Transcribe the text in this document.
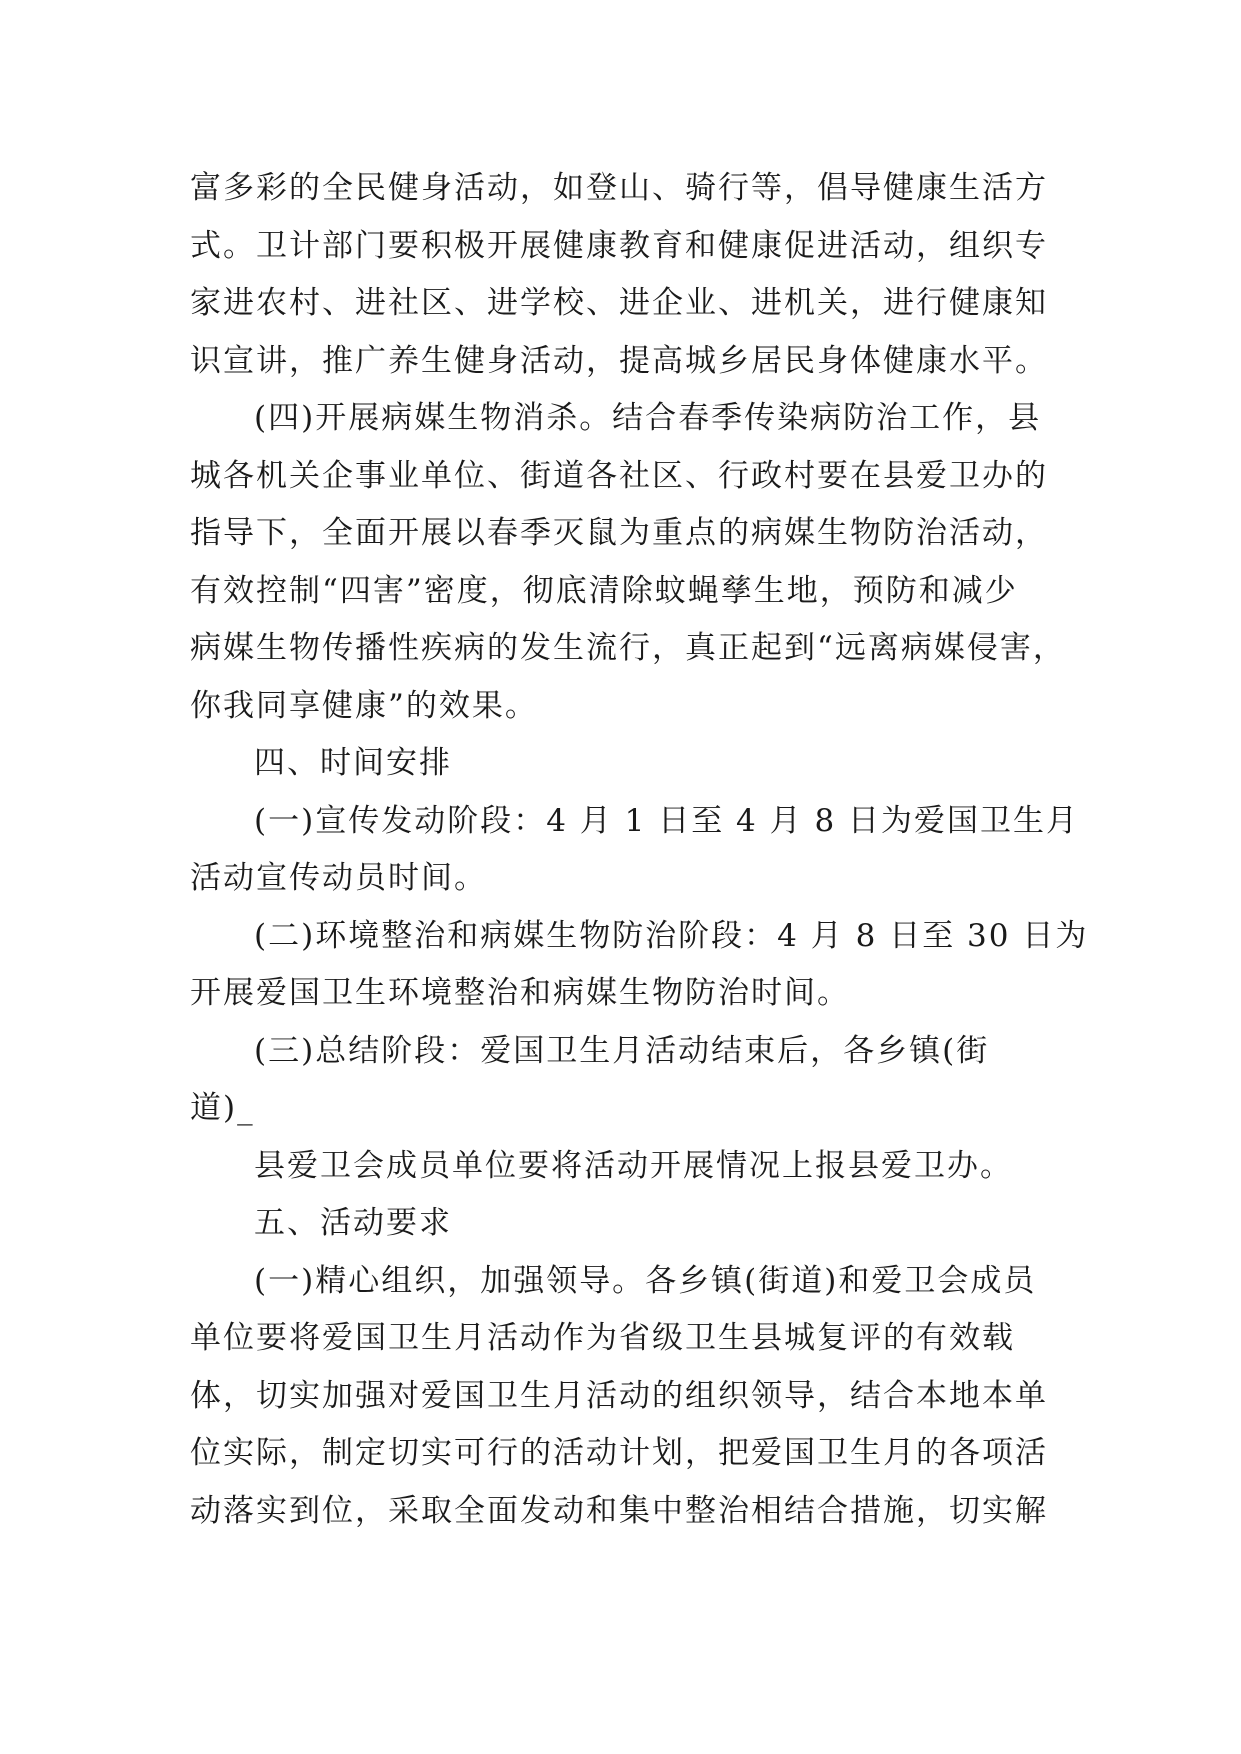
富多彩的全民健身活动，如登山、骑行等，倡导健康生活方
式。卫计部门要积极开展健康教育和健康促进活动，组织专
家进农村、进社区、进学校、进企业、进机关，进行健康知
识宣讲，推广养生健身活动，提高城乡居民身体健康水平。
(四)开展病媒生物消杀。结合春季传染病防治工作，县
城各机关企事业单位、街道各社区、行政村要在县爱卫办的
指导下，全面开展以春季灭鼠为重点的病媒生物防治活动，
有效控制“四害”密度，彻底清除蚊蝇孳生地，预防和减少
病媒生物传播性疾病的发生流行，真正起到“远离病媒侵害，
你我同享健康”的效果。
四、时间安排
(一)宣传发动阶段：4 月 1 日至 4 月 8 日为爱国卫生月
活动宣传动员时间。
(二)环境整治和病媒生物防治阶段：4 月 8 日至 30 日为
开展爱国卫生环境整治和病媒生物防治时间。
(三)总结阶段：爱国卫生月活动结束后，各乡镇(街
道)_
县爱卫会成员单位要将活动开展情况上报县爱卫办。
五、活动要求
(一)精心组织，加强领导。各乡镇(街道)和爱卫会成员
单位要将爱国卫生月活动作为省级卫生县城复评的有效载
体，切实加强对爱国卫生月活动的组织领导，结合本地本单
位实际，制定切实可行的活动计划，把爱国卫生月的各项活
动落实到位，采取全面发动和集中整治相结合措施，切实解
